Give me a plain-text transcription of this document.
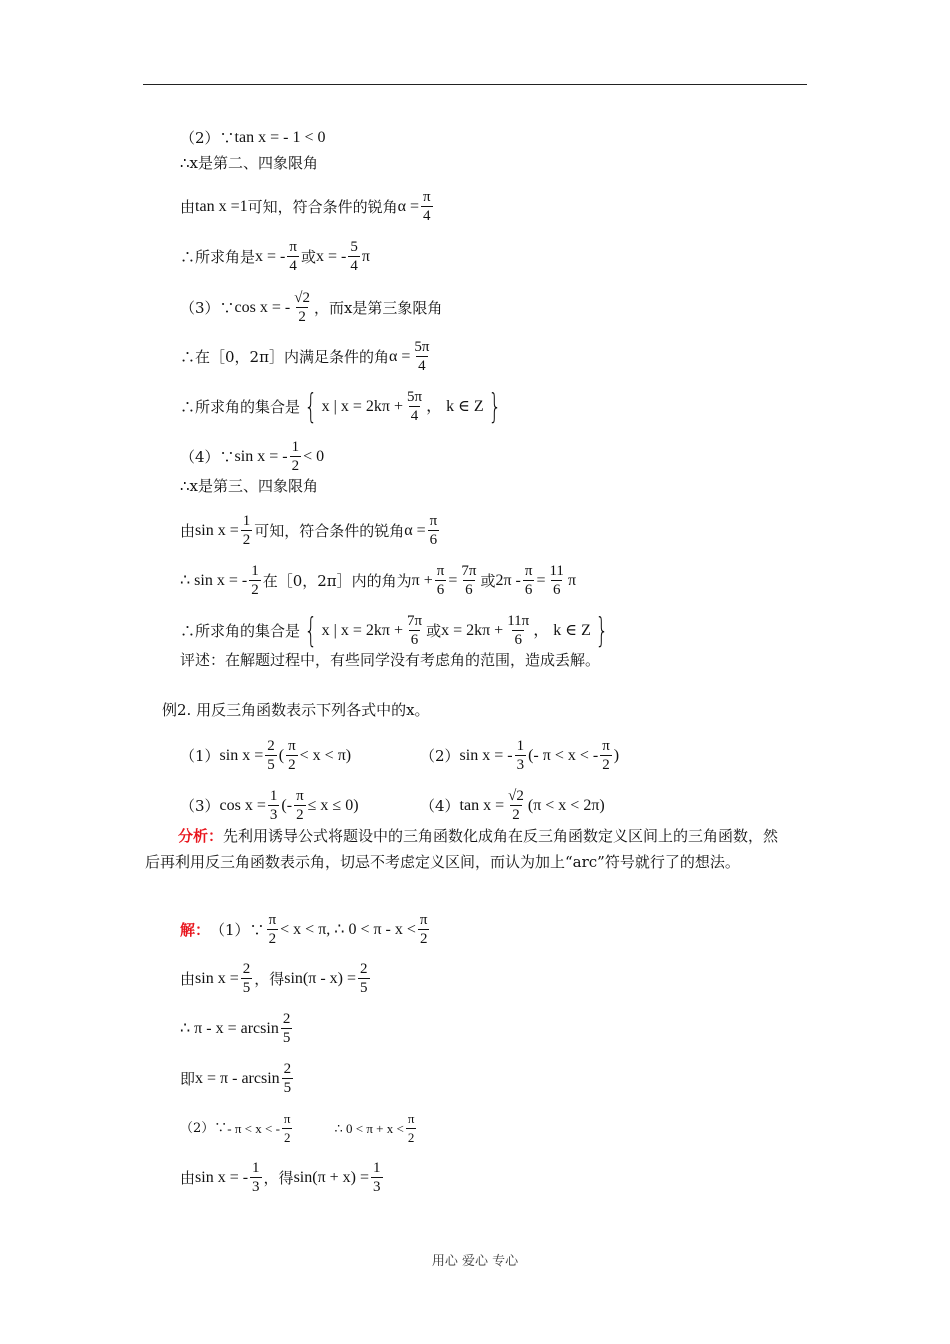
（2）∵ tan x = - 1 < 0
∴x是第二、四象限角
由 tan x =1 可知，符合条件的锐角 $\alpha = \frac{\pi}{4}$
∴所求角是 x = - $\frac{\pi}{4}$ 或 x = - $\frac{5}{4}$ π
（3）∵ cos x = - $\frac{√2}{2}$ ，而x是第三象限角
∴在［0，2π］内满足条件的角 $\alpha = \frac{5\pi}{4}$
∴所求角的集合是 { x | $x = 2k\pi + \frac{5\pi}{4}$ ， k ∈ Z }
（4）∵ sin x = - $\frac{1}{2} < 0$
∴x是第三、四象限角
由 $\sin x = \frac{1}{2}$ 可知，符合条件的锐角 $\alpha = \frac{\pi}{6}$
∴ sin x = - $\frac{1}{2}$ 在［0，2π］内的角为 $\pi + \frac{\pi}{6} = \frac{7\pi}{6}$ 或 $2\pi - \frac{\pi}{6} = \frac{11}{6}$ π
∴所求角的集合是 { x | $x = 2k\pi + \frac{7\pi}{6}$ 或 $x = 2k\pi + \frac{11\pi}{6}$ ， k ∈ Z }
评述：在解题过程中，有些同学没有考虑角的范围，造成丢解。
例2. 用反三角函数表示下列各式中的x。
（1） $\sin x = \frac{2}{5}$ ( $\frac{\pi}{2} < x < \pi$)	（2） sin x = - $\frac{1}{3}$ (- π < x < - $\frac{\pi}{2}$ )
（3） $\cos x = \frac{1}{3}$ (- $\frac{\pi}{2} \le x \le 0$)	（4） $\tan x = \frac{√2}{2} (\pi < x < 2\pi)$
分析：先利用诱导公式将题设中的三角函数化成角在反三角函数定义区间上的三角函数，然后再利用反三角函数表示角，切忌不考虑定义区间，而认为加上“arc”符号就行了的想法。
解： （1）∵ $\frac{\pi}{2} < x < \pi$, ∴ $0 < \pi - x < \frac{\pi}{2}$
由 $\sin x = \frac{2}{5}$ ，得 $\sin(\pi - x) = \frac{2}{5}$
∴ $\pi - x = \arcsin \frac{2}{5}$
即 $x = \pi - \arcsin \frac{2}{5}$
（2）∵ - π < x < - $\frac{\pi}{2}$	∴ $0 < \pi + x < \frac{\pi}{2}$
由 sin x = - $\frac{1}{3}$ ，得 $\sin(\pi + x) = \frac{1}{3}$
用心 爱心 专心
